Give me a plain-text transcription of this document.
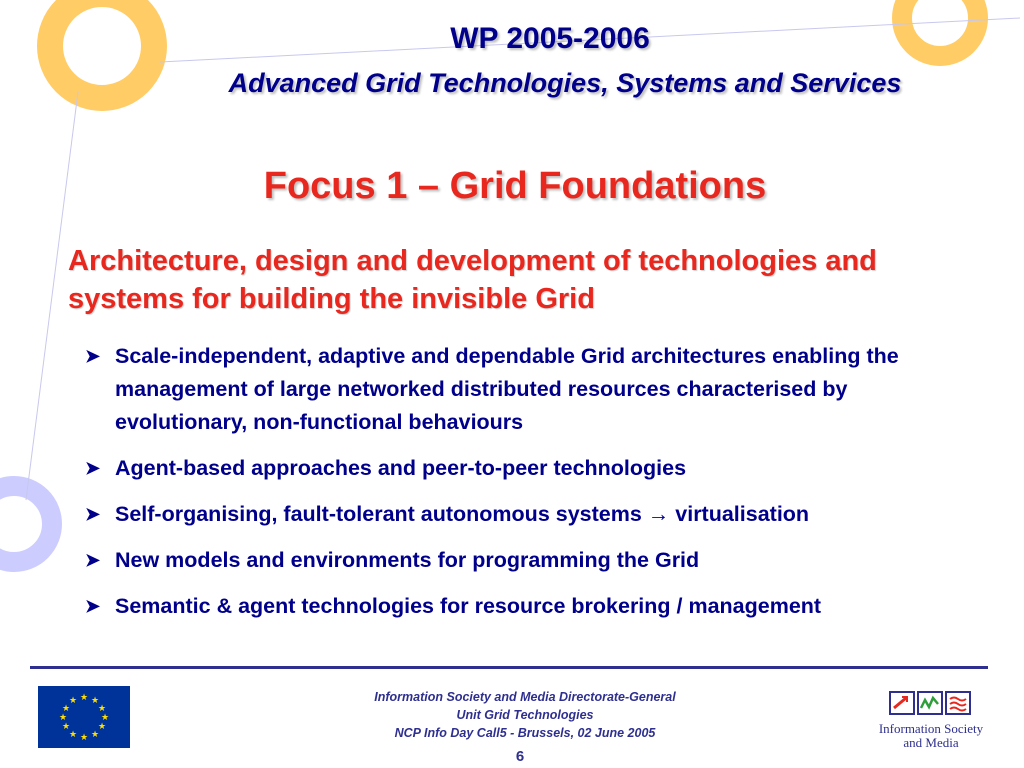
WP 2005-2006
Advanced Grid Technologies, Systems and Services
Focus 1 – Grid Foundations
Architecture, design and development of technologies and systems for building the invisible Grid
➤ Scale-independent, adaptive and dependable Grid architectures enabling the management of large networked distributed resources characterised by evolutionary, non-functional behaviours
➤ Agent-based approaches and peer-to-peer technologies
➤ Self-organising, fault-tolerant autonomous systems → virtualisation
➤ New models and environments for programming the Grid
➤ Semantic & agent technologies for resource brokering / management
★ ★
★
★
★
★
★
★
★
★
★
★	Information Society and Media Directorate-General
Unit Grid Technologies
NCP Info Day Call5 - Brussels, 02 June 2005
6
Information Society
and Media
